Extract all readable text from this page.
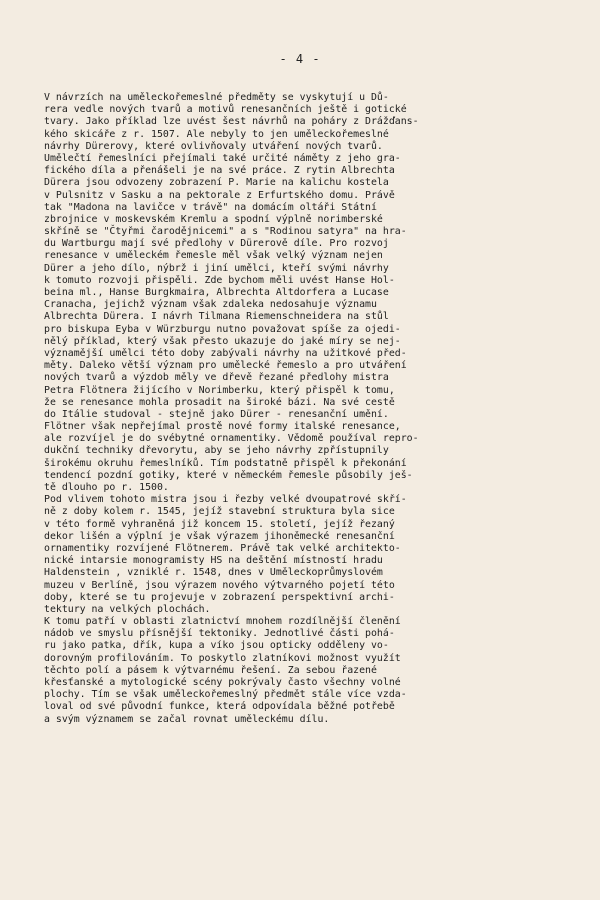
- 4 -
V návrzích na uměleckořemeslné předměty se vyskytují u Dů-
rera vedle nových tvarů a motivů renesančních ještě i gotické
tvary. Jako příklad lze uvést šest návrhů na poháry z Drážďans-
kého skicáře z r. 1507. Ale nebyly to jen uměleckořemeslné
návrhy Dürerovy, které ovlivňovaly utváření nových tvarů.
Umělečtí řemeslníci přejímali také určité náměty z jeho gra-
fického díla a přenášeli je na své práce. Z rytin Albrechta
Dürera jsou odvozeny zobrazení P. Marie na kalichu kostela
v Pulsnitz v Sasku a na pektorale z Erfurtského domu. Právě
tak "Madona na lavičce v trávě" na domácím oltáři Státní
zbrojnice v moskevském Kremlu a spodní výplně norimberské
skříně se "Čtyřmi čarodějnicemi" a s "Rodinou satyra" na hra-
du Wartburgu mají své předlohy v Dürerově díle. Pro rozvoj
renesance v uměleckém řemesle měl však velký význam nejen
Dürer a jeho dílo, nýbrž i jiní umělci, kteří svými návrhy
k tomuto rozvoji přispěli. Zde bychom měli uvést Hanse Hol-
beina ml., Hanse Burgkmaira, Albrechta Altdorfera a Lucase
Cranacha, jejichž význam však zdaleka nedosahuje významu
Albrechta Dürera. I návrh Tilmana Riemenschneidera na stůl
pro biskupa Eyba v Würzburgu nutno považovat spíše za ojedi-
nělý příklad, který však přesto ukazuje do jaké míry se nej-
významější umělci této doby zabývali návrhy na užitkové před-
měty. Daleko větší význam pro umělecké řemeslo a pro utváření
nových tvarů a výzdob měly ve dřevě řezané předlohy mistra
Petra Flötnera žijícího v Norimberku, který přispěl k tomu,
že se renesance mohla prosadit na široké bázi. Na své cestě
do Itálie studoval - stejně jako Dürer - renesanční umění.
Flötner však nepřejímal prostě nové formy italské renesance,
ale rozvíjel je do svébytné ornamentiky. Vědomě používal repro-
dukční techniky dřevorytu, aby se jeho návrhy zpřístupnily
širokému okruhu řemeslníků. Tím podstatně přispěl k překonání
tendencí pozdní gotiky, které v německém řemesle působily ješ-
tě dlouho po r. 1500.
Pod vlivem tohoto mistra jsou i řezby velké dvoupatrové skří-
ně z doby kolem r. 1545, jejíž stavební struktura byla sice
v této formě vyhraněná již koncem 15. století, jejíž řezaný
dekor lišén a výplní je však výrazem jihoněmecké renesanční
ornamentiky rozvíjené Flötnerem. Právě tak velké architekto-
nické intarsie monogramisty HS na deštění místností hradu
Haldenstein , vzniklé r. 1548, dnes v Uměleckoprůmyslovém
muzeu v Berlíně, jsou výrazem nového výtvarného pojetí této
doby, které se tu projevuje v zobrazení perspektivní archi-
tektury na velkých plochách.
K tomu patří v oblasti zlatnictví mnohem rozdílnější členění
nádob ve smyslu přísnější tektoniky. Jednotlivé části pohá-
ru jako patka, dřík, kupa a víko jsou opticky odděleny vo-
dorovným profilováním. To poskytlo zlatníkovi možnost využít
těchto polí a pásem k výtvarnému řešení. Za sebou řazené
křesťanské a mytologické scény pokrývaly často všechny volné
plochy. Tím se však uměleckořemeslný předmět stále více vzda-
loval od své původní funkce, která odpovídala běžné potřebě
a svým významem se začal rovnat uměleckému dílu.
